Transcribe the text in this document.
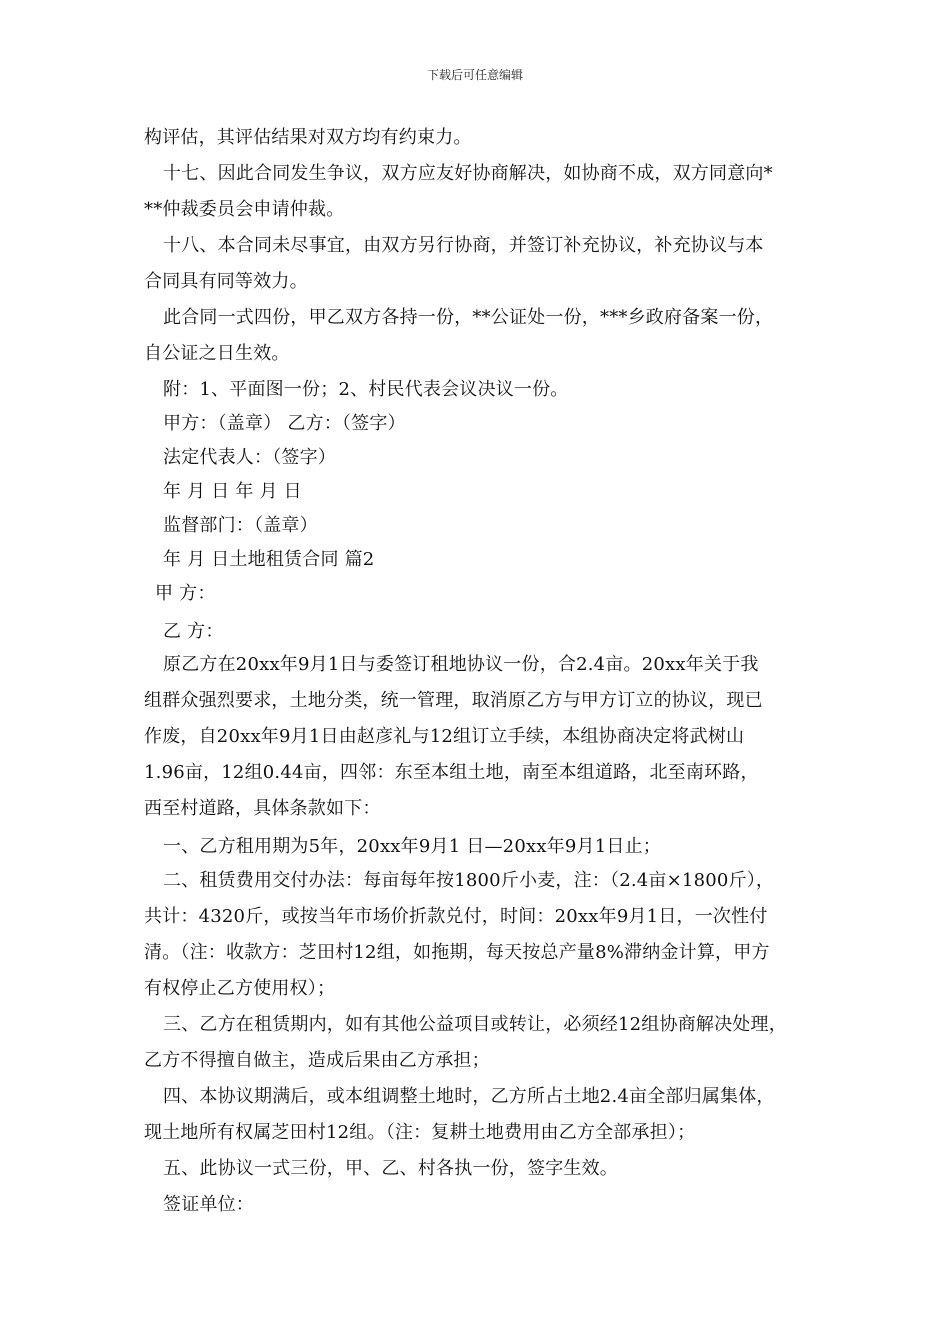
下载后可任意编辑
构评估，其评估结果对双方均有约束力。
十七、因此合同发生争议，双方应友好协商解决，如协商不成，双方同意向*
**仲裁委员会申请仲裁。
十八、本合同未尽事宜，由双方另行协商，并签订补充协议，补充协议与本
合同具有同等效力。
此合同一式四份，甲乙双方各持一份，**公证处一份，***乡政府备案一份，
自公证之日生效。
附：1、平面图一份；2、村民代表会议决议一份。
甲方：（盖章） 乙方：（签字）
法定代表人：（签字）
年 月 日 年 月 日
监督部门：（盖章）
年 月 日土地租赁合同 篇2
甲 方：
乙 方：
原乙方在20xx年9月1日与委签订租地协议一份，合2.4亩。20xx年关于我
组群众强烈要求，土地分类，统一管理，取消原乙方与甲方订立的协议，现已
作废，自20xx年9月1日由赵彦礼与12组订立手续，本组协商决定将武树山
1.96亩，12组0.44亩，四邻：东至本组土地，南至本组道路，北至南环路，
西至村道路，具体条款如下：
一、乙方租用期为5年，20xx年9月1 日—20xx年9月1日止；
二、租赁费用交付办法：每亩每年按1800斤小麦，注：（2.4亩×1800斤），
共计：4320斤，或按当年市场价折款兑付，时间：20xx年9月1日，一次性付
清。（注：收款方：芝田村12组，如拖期，每天按总产量8%滞纳金计算，甲方
有权停止乙方使用权）；
三、乙方在租赁期内，如有其他公益项目或转让，必须经12组协商解决处理，
乙方不得擅自做主，造成后果由乙方承担；
四、本协议期满后，或本组调整土地时，乙方所占土地2.4亩全部归属集体，
现土地所有权属芝田村12组。（注：复耕土地费用由乙方全部承担）；
五、此协议一式三份，甲、乙、村各执一份，签字生效。
签证单位：
